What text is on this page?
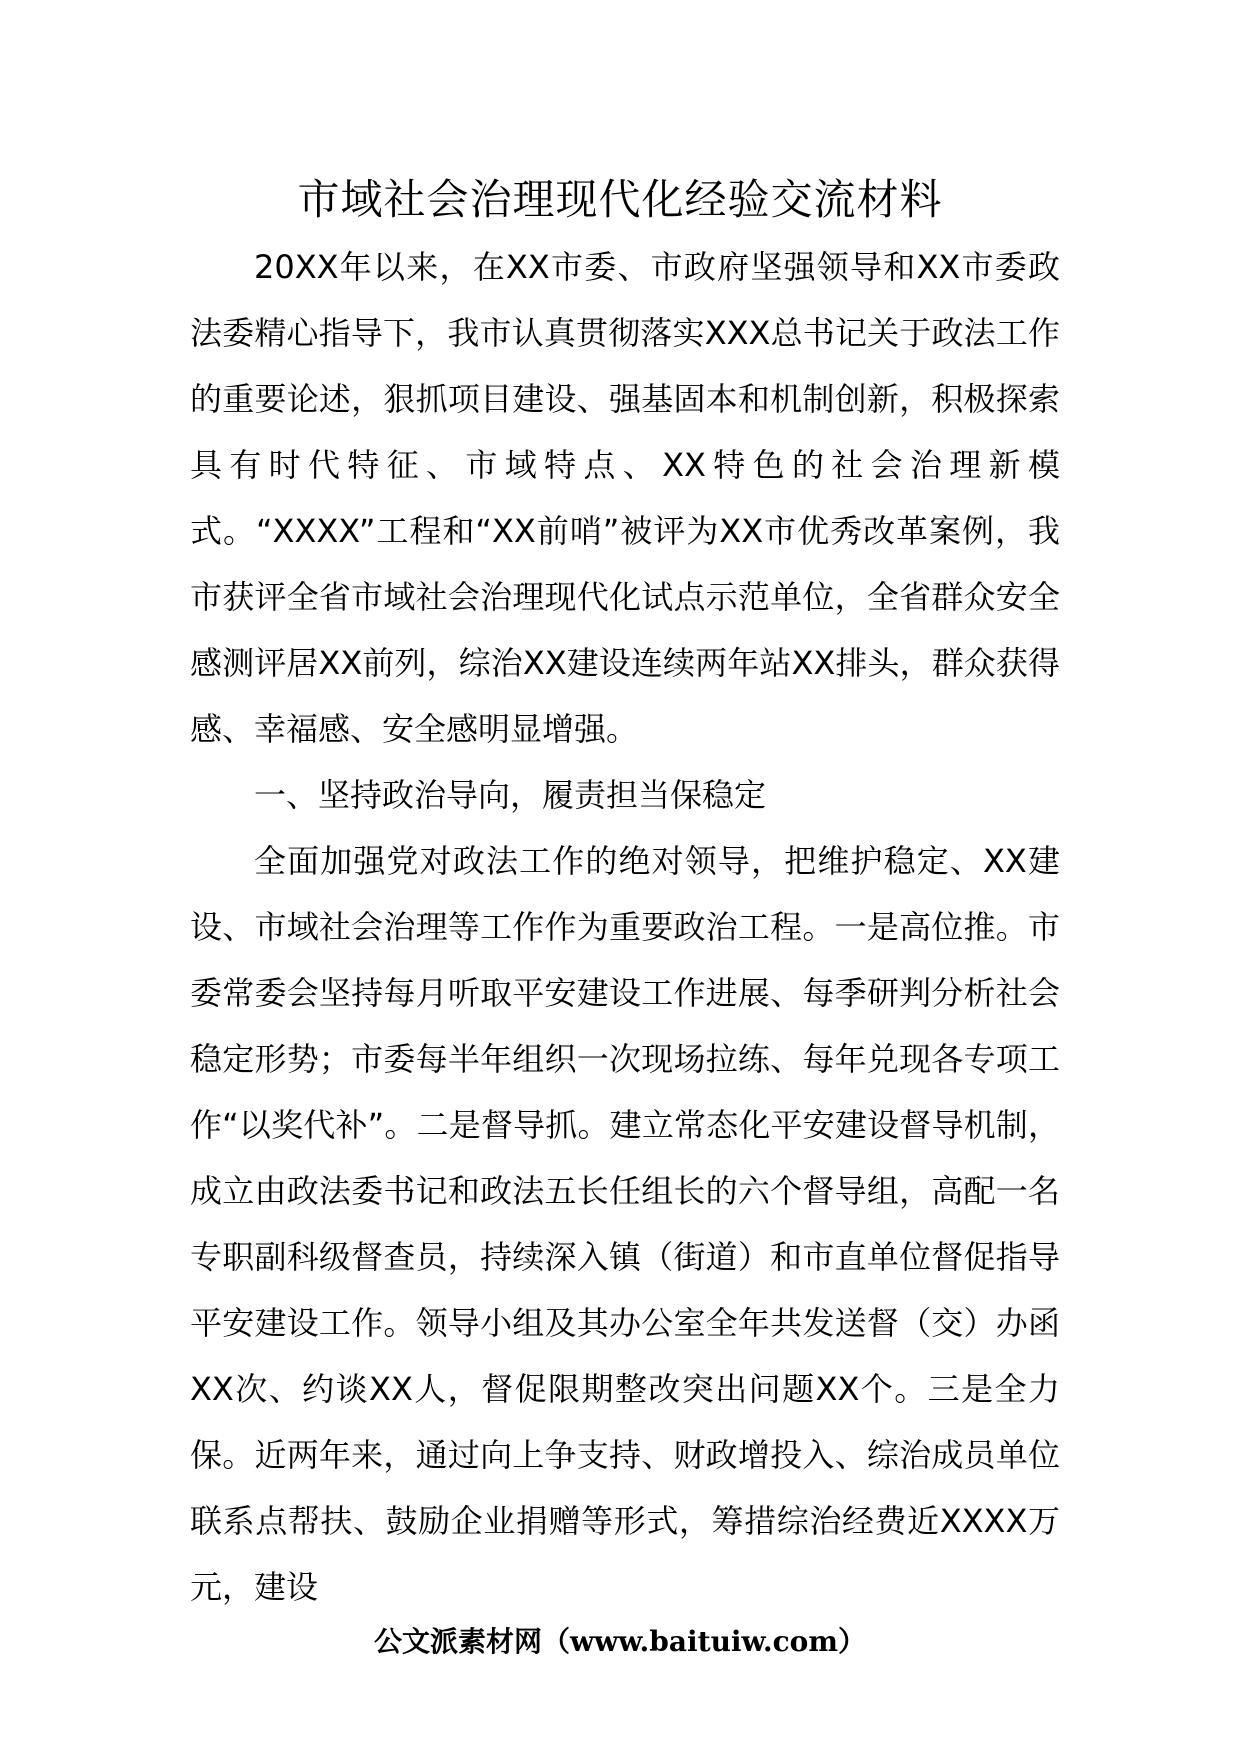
市域社会治理现代化经验交流材料

20XX年以来，在XX市委、市政府坚强领导和XX市委政法委精心指导下，我市认真贯彻落实XXX总书记关于政法工作的重要论述，狠抓项目建设、强基固本和机制创新，积极探索具有时代特征、市域特点、XX特色的社会治理新模式。“XXXX”工程和“XX前哨”被评为XX市优秀改革案例，我市获评全省市域社会治理现代化试点示范单位，全省群众安全感测评居XX前列，综治XX建设连续两年站XX排头，群众获得感、幸福感、安全感明显增强。

一、坚持政治导向，履责担当保稳定

全面加强党对政法工作的绝对领导，把维护稳定、XX建设、市域社会治理等工作作为重要政治工程。一是高位推。市委常委会坚持每月听取平安建设工作进展、每季研判分析社会稳定形势；市委每半年组织一次现场拉练、每年兑现各专项工作“以奖代补”。二是督导抓。建立常态化平安建设督导机制，成立由政法委书记和政法五长任组长的六个督导组，高配一名专职副科级督查员，持续深入镇（街道）和市直单位督促指导平安建设工作。领导小组及其办公室全年共发送督（交）办函XX次、约谈XX人，督促限期整改突出问题XX个。三是全力保。近两年来，通过向上争支持、财政增投入、综治成员单位联系点帮扶、鼓励企业捐赠等形式，筹措综治经费近XXXX万元，建设

公文派素材网（www.baituiw.com）
